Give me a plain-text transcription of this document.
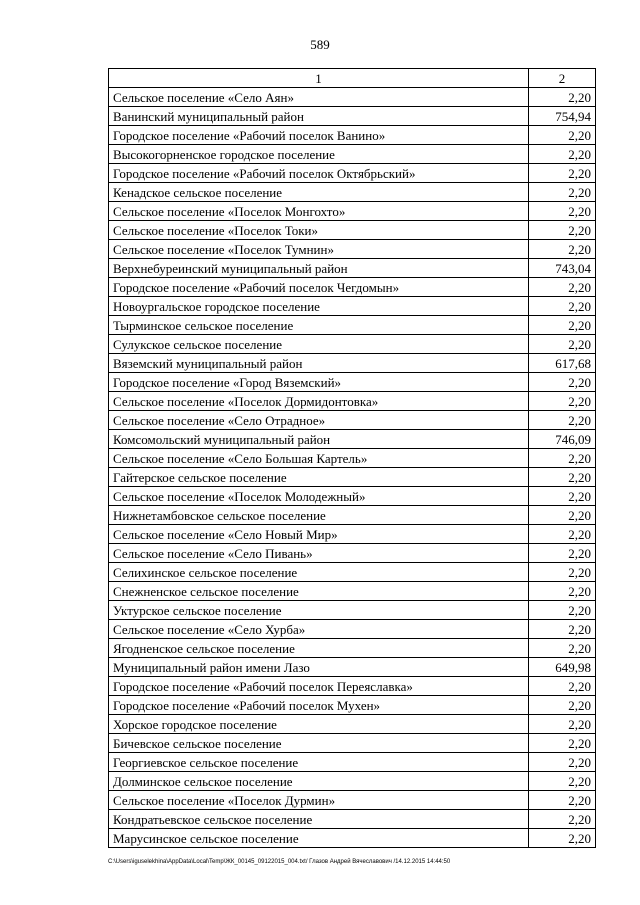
589
1	2
Сельское поселение «Село Аян»	2,20
Ванинский муниципальный район	754,94
Городское поселение «Рабочий поселок Ванино»	2,20
Высокогорненское городское поселение	2,20
Городское поселение «Рабочий поселок Октябрьский»	2,20
Кенадское сельское поселение	2,20
Сельское поселение «Поселок Монгохто»	2,20
Сельское поселение «Поселок Токи»	2,20
Сельское поселение «Поселок Тумнин»	2,20
Верхнебуреинский муниципальный район	743,04
Городское поселение «Рабочий поселок Чегдомын»	2,20
Новоургальское городское поселение	2,20
Тырминское сельское поселение	2,20
Сулукское сельское поселение	2,20
Вяземский муниципальный район	617,68
Городское поселение «Город Вяземский»	2,20
Сельское поселение «Поселок Дормидонтовка»	2,20
Сельское поселение «Село Отрадное»	2,20
Комсомольский муниципальный район	746,09
Сельское поселение «Село Большая Картель»	2,20
Гайтерское сельское поселение	2,20
Сельское поселение «Поселок Молодежный»	2,20
Нижнетамбовское сельское поселение	2,20
Сельское поселение «Село Новый Мир»	2,20
Сельское поселение «Село Пивань»	2,20
Селихинское сельское поселение	2,20
Снежненское сельское поселение	2,20
Уктурское сельское поселение	2,20
Сельское поселение «Село Хурба»	2,20
Ягодненское сельское поселение	2,20
Муниципальный район имени Лазо	649,98
Городское поселение «Рабочий поселок Переяславка»	2,20
Городское поселение «Рабочий поселок Мухен»	2,20
Хорское городское поселение	2,20
Бичевское сельское поселение	2,20
Георгиевское сельское поселение	2,20
Долминское сельское поселение	2,20
Сельское поселение «Поселок Дурмин»	2,20
Кондратьевское сельское поселение	2,20
Марусинское сельское поселение	2,20
C:\Users\iguselekhina\AppData\Local\Temp\ЖК_00145_09122015_004.txt/ Глазов Андрей Вячеславович /14.12.2015 14:44:50
